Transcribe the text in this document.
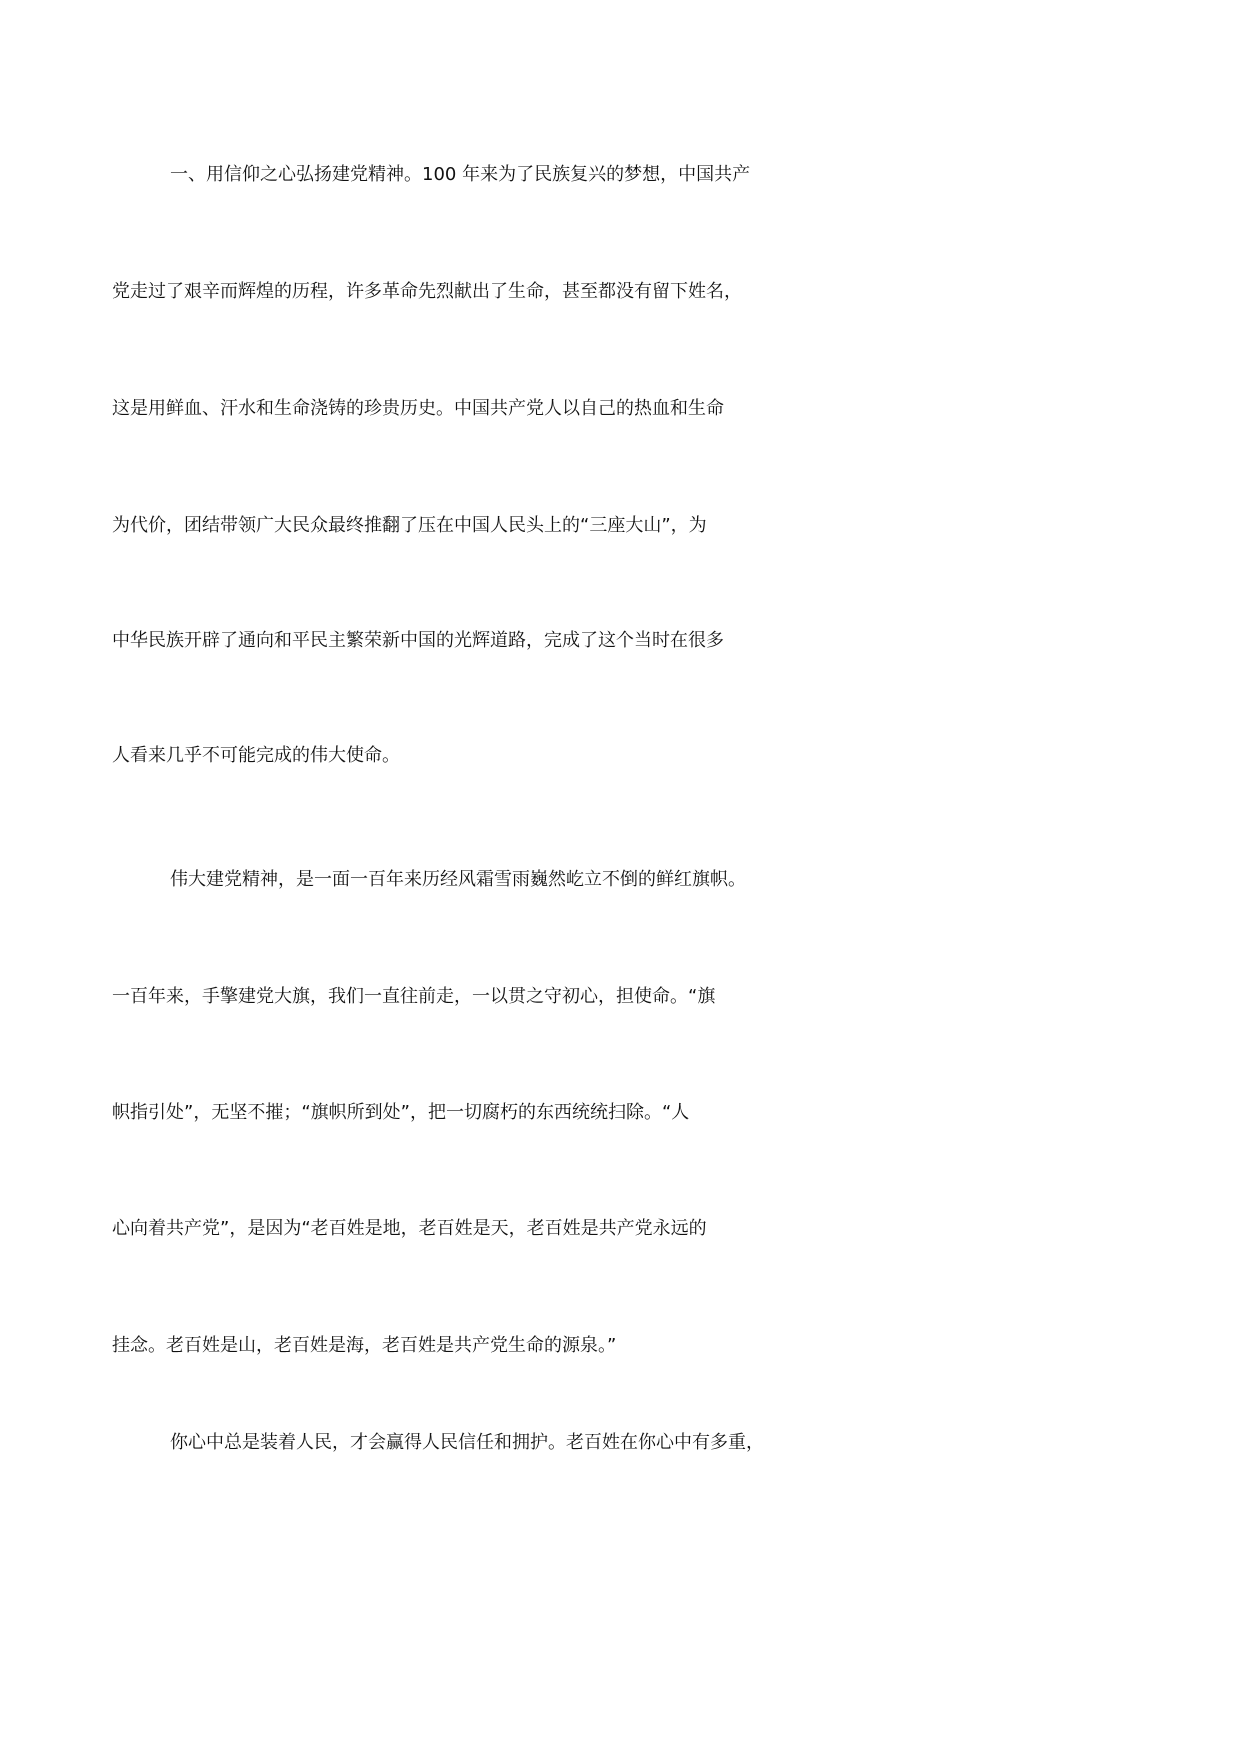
一、用信仰之心弘扬建党精神。100 年来为了民族复兴的梦想，中国共产
党走过了艰辛而辉煌的历程，许多革命先烈献出了生命，甚至都没有留下姓名，
这是用鲜血、汗水和生命浇铸的珍贵历史。中国共产党人以自己的热血和生命
为代价，团结带领广大民众最终推翻了压在中国人民头上的“三座大山”，为
中华民族开辟了通向和平民主繁荣新中国的光辉道路，完成了这个当时在很多
人看来几乎不可能完成的伟大使命。
伟大建党精神，是一面一百年来历经风霜雪雨巍然屹立不倒的鲜红旗帜。
一百年来，手擎建党大旗，我们一直往前走，一以贯之守初心，担使命。“旗
帜指引处”，无坚不摧；“旗帜所到处”，把一切腐朽的东西统统扫除。“人
心向着共产党”，是因为“老百姓是地，老百姓是天，老百姓是共产党永远的
挂念。老百姓是山，老百姓是海，老百姓是共产党生命的源泉。”
你心中总是装着人民，才会赢得人民信任和拥护。老百姓在你心中有多重，
